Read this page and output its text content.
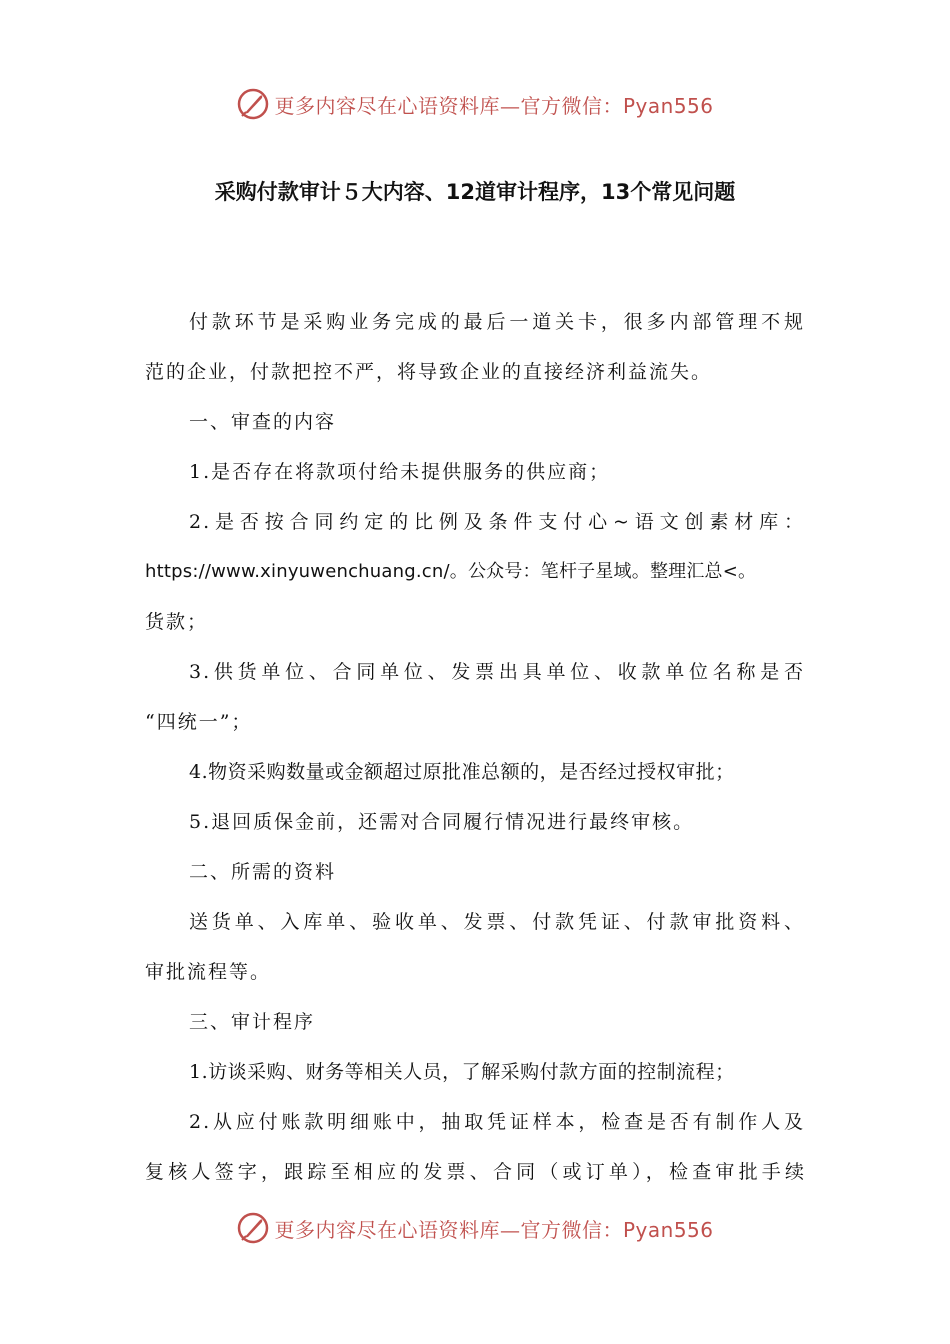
更多内容尽在心语资料库—官方微信：Pyan556
采购付款审计５大内容、12道审计程序，13个常见问题
付款环节是采购业务完成的最后一道关卡，很多内部管理不规
范的企业，付款把控不严，将导致企业的直接经济利益流失。
一、审查的内容
1.是否存在将款项付给未提供服务的供应商；
2.是否按合同约定的比例及条件支付心~语文创素材库：
https://www.xinyuwenchuang.cn/。公众号：笔杆子星域。整理汇总<。
货款；
3.供货单位、合同单位、发票出具单位、收款单位名称是否
“四统一”；
4.物资采购数量或金额超过原批准总额的，是否经过授权审批；
5.退回质保金前，还需对合同履行情况进行最终审核。
二、所需的资料
送货单、入库单、验收单、发票、付款凭证、付款审批资料、
审批流程等。
三、审计程序
1.访谈采购、财务等相关人员，了解采购付款方面的控制流程；
2.从应付账款明细账中，抽取凭证样本，检查是否有制作人及
复核人签字，跟踪至相应的发票、合同（或订单），检查审批手续
更多内容尽在心语资料库—官方微信：Pyan556
